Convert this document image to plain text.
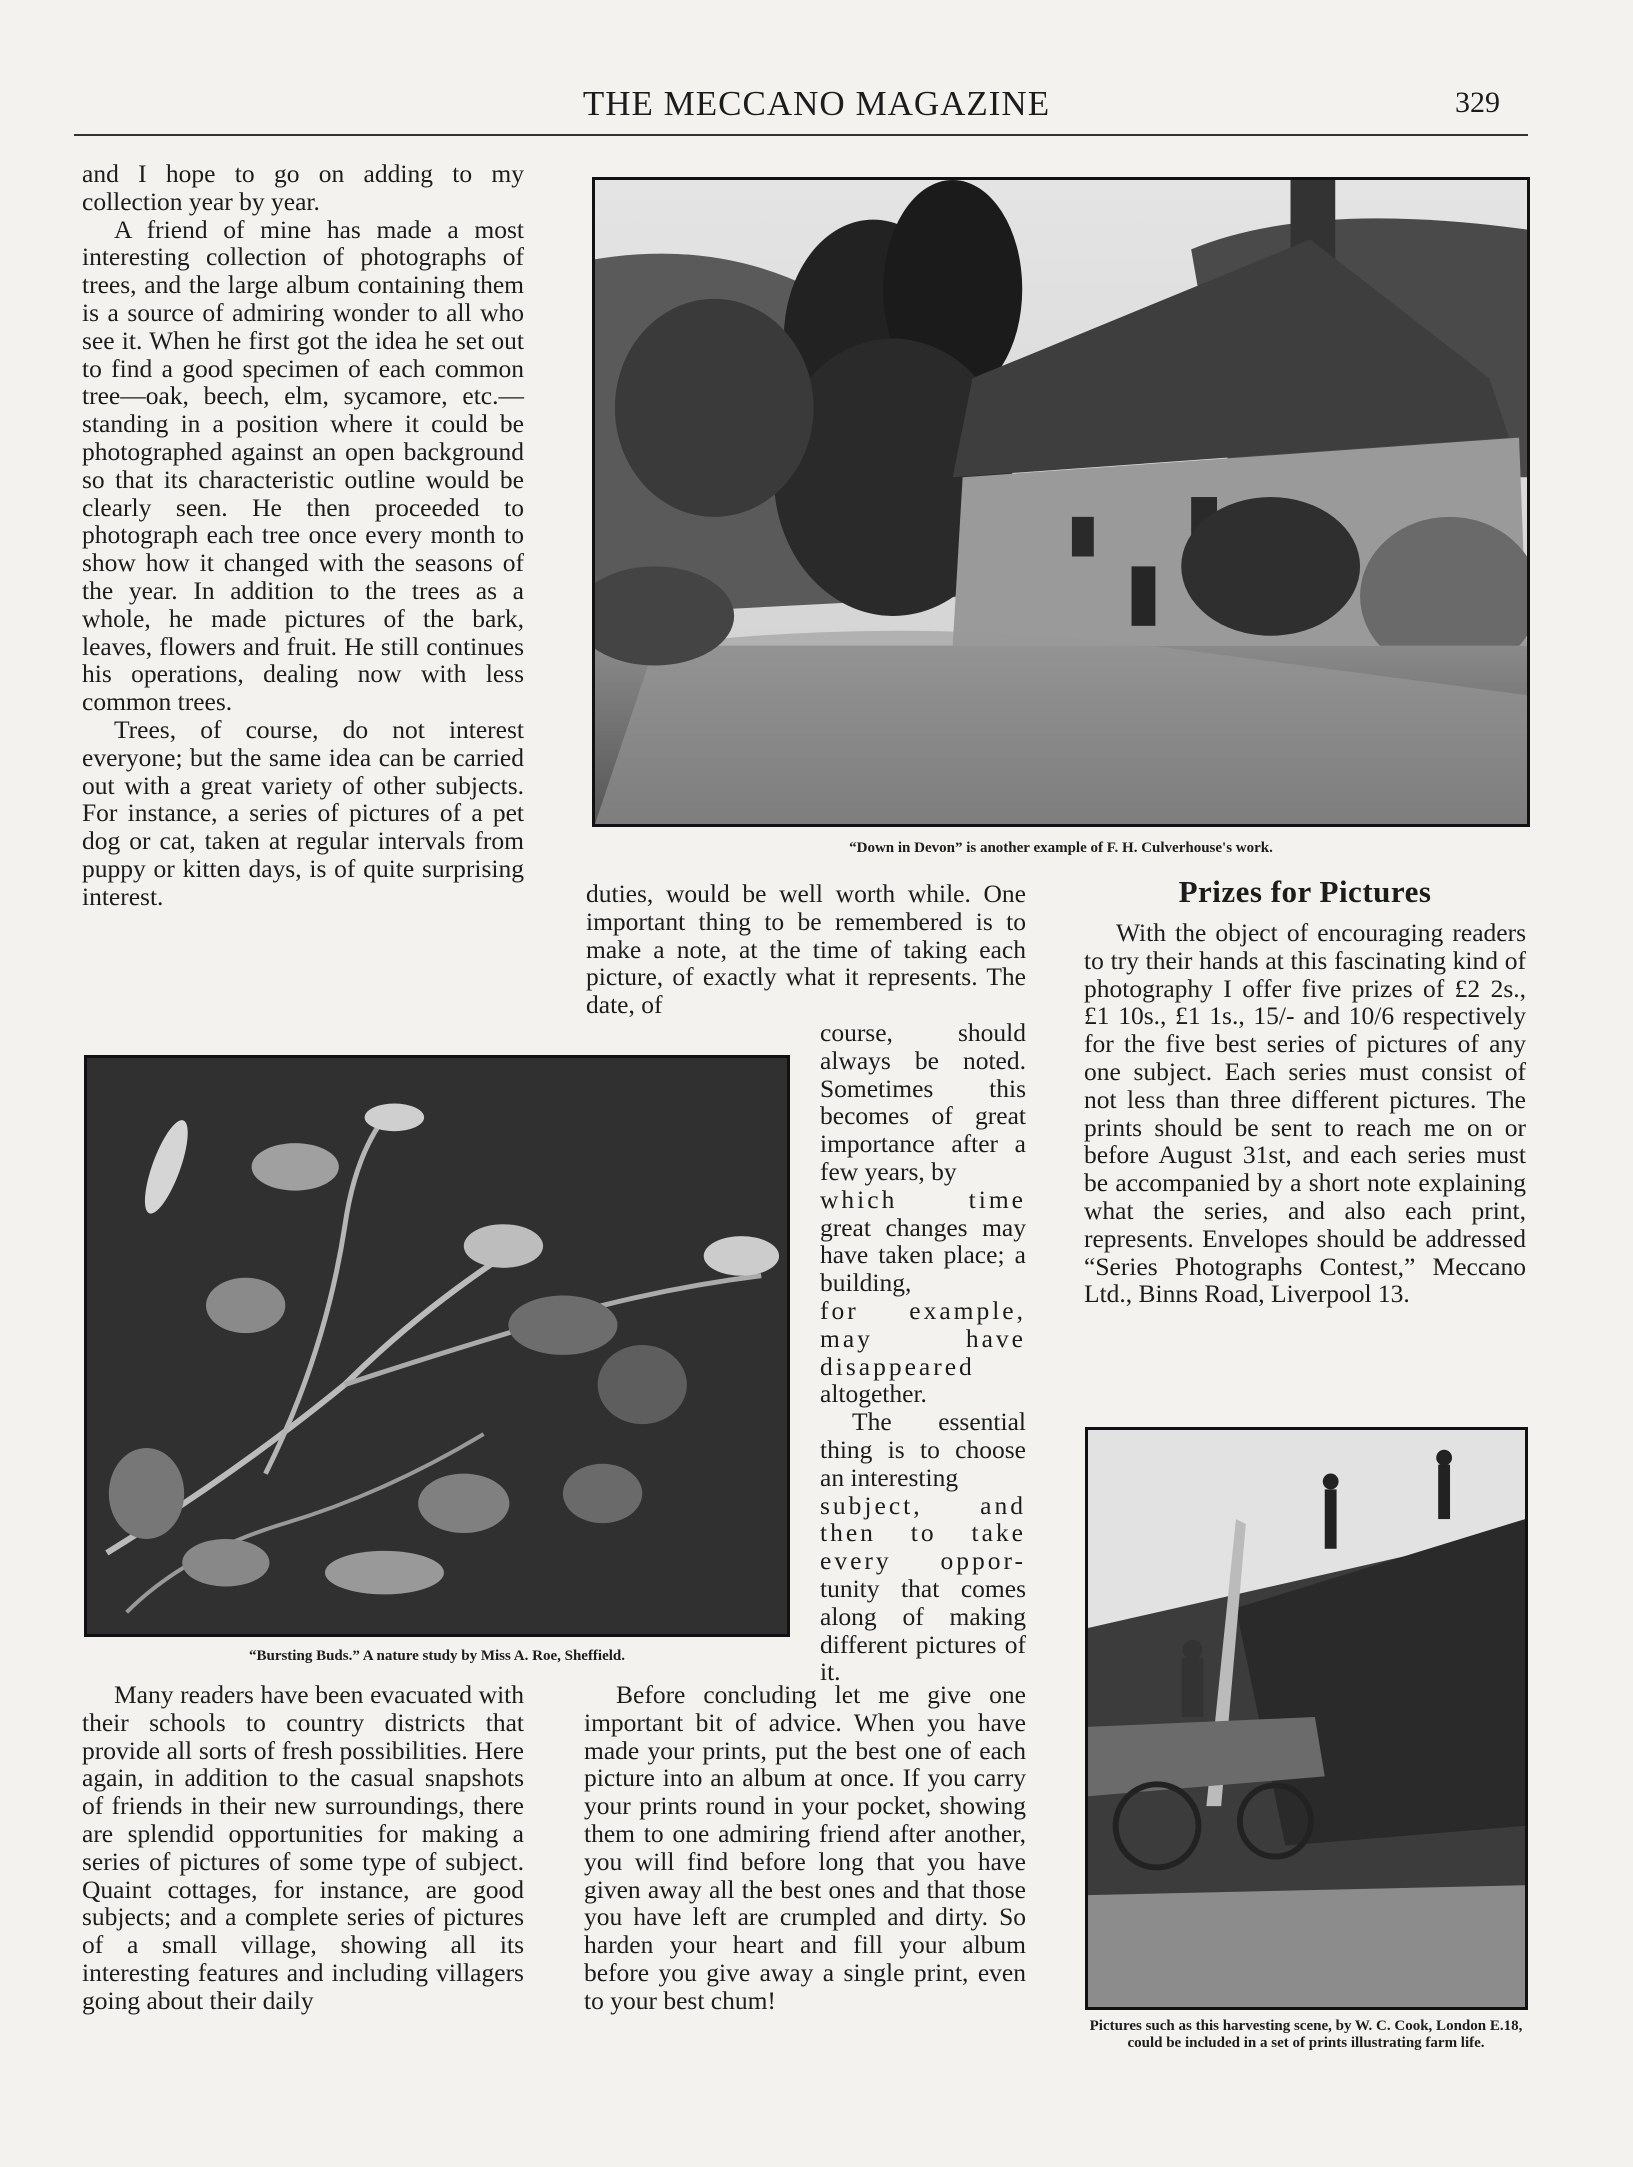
THE MECCANO MAGAZINE	329

and I hope to go on adding to my collection year by year.

A friend of mine has made a most interesting collection of photographs of trees, and the large album containing them is a source of admiring wonder to all who see it. When he first got the idea he set out to find a good specimen of each common tree—oak, beech, elm, sycamore, etc.—standing in a position where it could be photographed against an open background so that its characteristic outline would be clearly seen. He then proceeded to photograph each tree once every month to show how it changed with the seasons of the year. In addition to the trees as a whole, he made pictures of the bark, leaves, flowers and fruit. He still continues his operations, dealing now with less common trees.

Trees, of course, do not interest everyone; but the same idea can be carried out with a great variety of other subjects. For instance, a series of pictures of a pet dog or cat, taken at regular intervals from puppy or kitten days, is of quite surprising interest.

“Down in Devon” is another example of F. H. Culverhouse's work.

duties, would be well worth while. One important thing to be remembered is to make a note, at the time of taking each picture, of exactly what it represents. The date, of

course, should always be noted. Sometimes this becomes of great importance after a few years, by

which time

great changes may have taken place; a building,

for example,

may have

disappeared

altogether.

The essential thing is to choose an interesting

subject, and

then to take

every oppor-

tunity that comes along of making different pictures of it.

“Bursting Buds.” A nature study by Miss A. Roe, Sheffield.

Many readers have been evacuated with their schools to country districts that provide all sorts of fresh possibilities. Here again, in addition to the casual snapshots of friends in their new surroundings, there are splendid opportunities for making a series of pictures of some type of subject. Quaint cottages, for instance, are good subjects; and a complete series of pictures of a small village, showing all its interesting features and including villagers going about their daily

Before concluding let me give one important bit of advice. When you have made your prints, put the best one of each picture into an album at once. If you carry your prints round in your pocket, showing them to one admiring friend after another, you will find before long that you have given away all the best ones and that those you have left are crumpled and dirty. So harden your heart and fill your album before you give away a single print, even to your best chum!

Prizes for Pictures

With the object of encouraging readers to try their hands at this fascinating kind of photography I offer five prizes of £2 2s., £1 10s., £1 1s., 15/- and 10/6 respectively for the five best series of pictures of any one subject. Each series must consist of not less than three different pictures. The prints should be sent to reach me on or before August 31st, and each series must be accompanied by a short note explaining what the series, and also each print, represents. Envelopes should be addressed “Series Photographs Contest,” Meccano Ltd., Binns Road, Liverpool 13.

Pictures such as this harvesting scene, by W. C. Cook, London E.18, could be included in a set of prints illustrating farm life.
